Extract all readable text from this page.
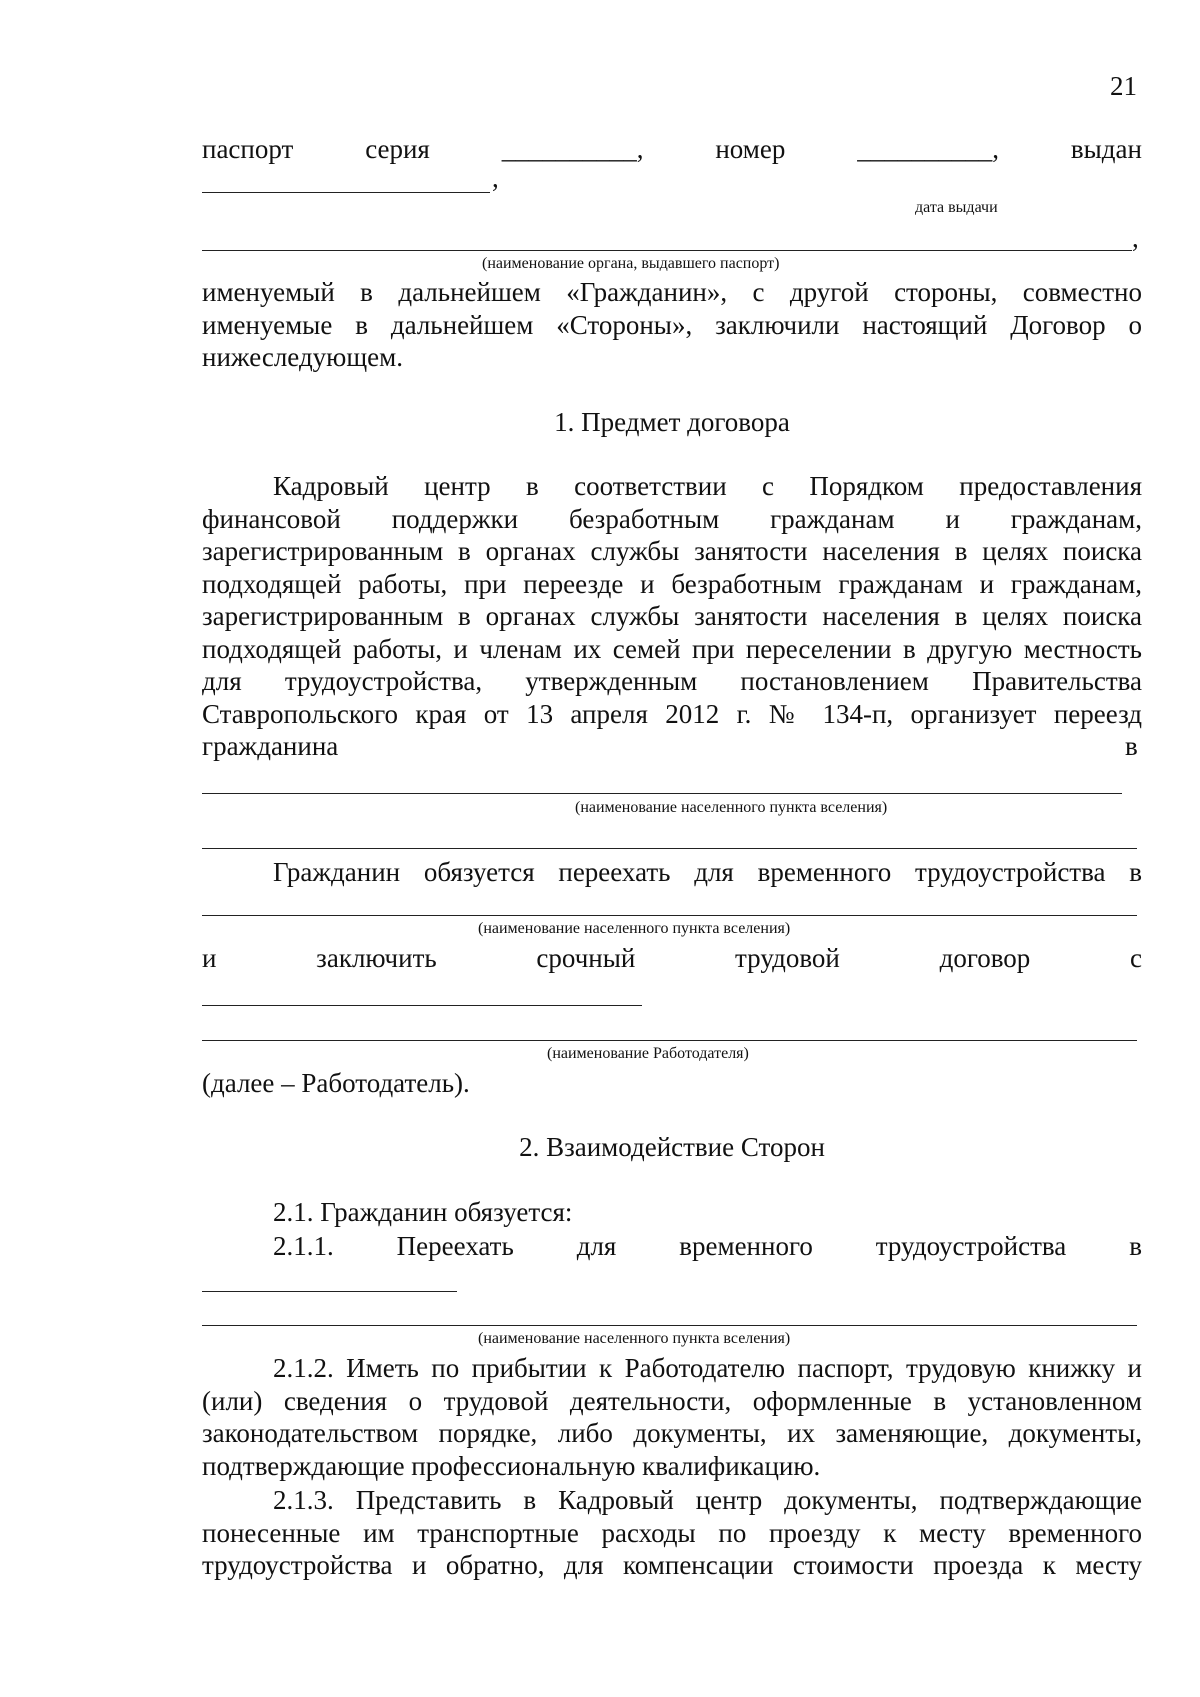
21
паспорт	серия	__________,	номер	__________,	выдан
,
дата выдачи
,
(наименование органа, выдавшего паспорт)
именуемый в дальнейшем «Гражданин», с другой стороны, совместно
именуемые в дальнейшем «Стороны», заключили настоящий Договор о
нижеследующем.
1. Предмет договора
Кадровый центр в соответствии с Порядком предоставления
финансовой поддержки безработным гражданам и гражданам,
зарегистрированным в органах службы занятости населения в целях поиска
подходящей работы, при переезде и безработным гражданам и гражданам,
зарегистрированным в органах службы занятости населения в целях поиска
подходящей работы, и членам их семей при переселении в другую местность
для трудоустройства, утвержденным постановлением Правительства
Ставропольского края от 13 апреля 2012 г. № 134-п, организует переезд
гражданина	в
(наименование населенного пункта вселения)
Гражданин обязуется переехать для временного трудоустройства в
(наименование населенного пункта вселения)
и	заключить	срочный	трудовой	договор	с
(наименование Работодателя)
(далее – Работодатель).
2. Взаимодействие Сторон
2.1. Гражданин обязуется:
2.1.1. Переехать для временного трудоустройства в
(наименование населенного пункта вселения)
2.1.2. Иметь по прибытии к Работодателю паспорт, трудовую книжку и
(или) сведения о трудовой деятельности, оформленные в установленном
законодательством порядке, либо документы, их заменяющие, документы,
подтверждающие профессиональную квалификацию.
2.1.3. Представить в Кадровый центр документы, подтверждающие
понесенные им транспортные расходы по проезду к месту временного
трудоустройства и обратно, для компенсации стоимости проезда к месту
